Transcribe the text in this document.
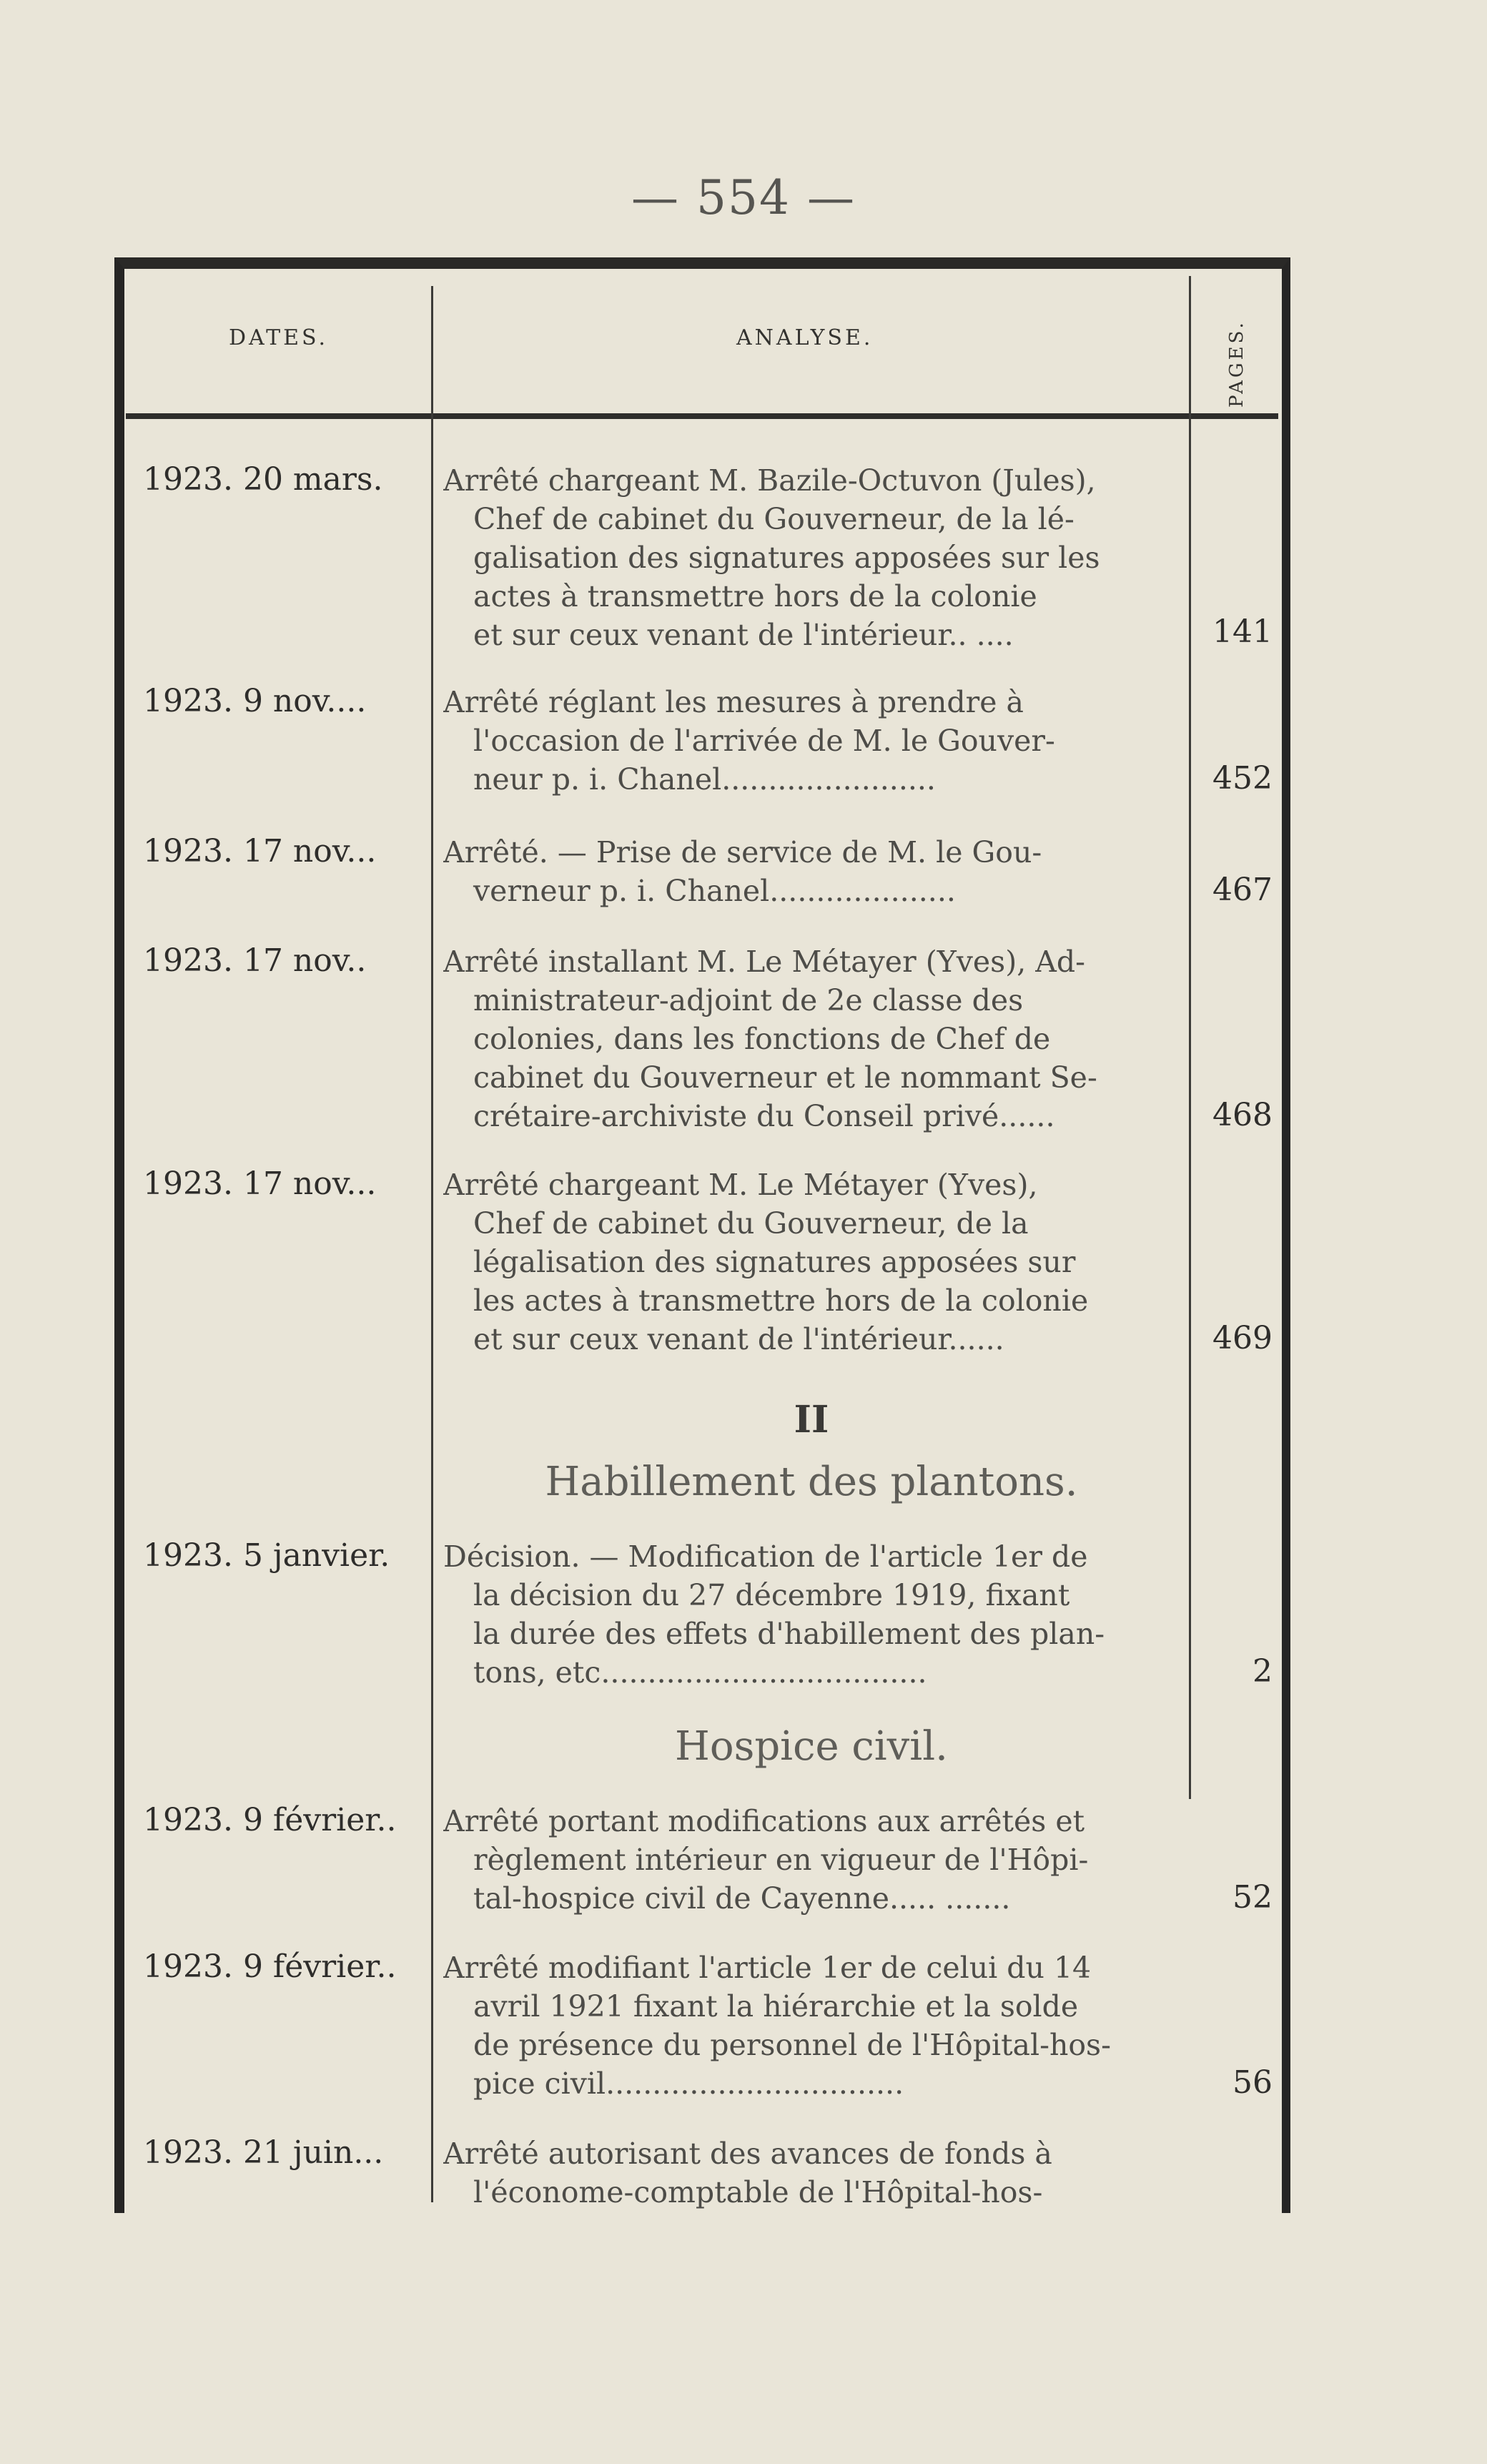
— 554 —
DATES.	ANALYSE.	PAGES.
1923. 20 mars.	Arrêté chargeant M. Bazile-Octuvon (Jules),
Chef de cabinet du Gouverneur, de la lé-
galisation des signatures apposées sur les
actes à transmettre hors de la colonie
et sur ceux venant de l'intérieur.. ....	141
1923. 9 nov....	Arrêté réglant les mesures à prendre à
l'occasion de l'arrivée de M. le Gouver-
neur p. i. Chanel.......................	452
1923. 17 nov...	Arrêté. — Prise de service de M. le Gou-
verneur p. i. Chanel....................	467
1923. 17 nov..	Arrêté installant M. Le Métayer (Yves), Ad-
ministrateur-adjoint de 2e classe des
colonies, dans les fonctions de Chef de
cabinet du Gouverneur et le nommant Se-
crétaire-archiviste du Conseil privé......	468
1923. 17 nov...	Arrêté chargeant M. Le Métayer (Yves),
Chef de cabinet du Gouverneur, de la
légalisation des signatures apposées sur
les actes à transmettre hors de la colonie
et sur ceux venant de l'intérieur......	469
II
Habillement des plantons.
1923. 5 janvier.	Décision. — Modification de l'article 1er de
la décision du 27 décembre 1919, fixant
la durée des effets d'habillement des plan-
tons, etc...................................	2
Hospice civil.
1923. 9 février..	Arrêté portant modifications aux arrêtés et
règlement intérieur en vigueur de l'Hôpi-
tal-hospice civil de Cayenne..... .......	52
1923. 9 février..	Arrêté modifiant l'article 1er de celui du 14
avril 1921 fixant la hiérarchie et la solde
de présence du personnel de l'Hôpital-hos-
pice civil................................	56
1923. 21 juin...	Arrêté autorisant des avances de fonds à
l'économe-comptable de l'Hôpital-hos-
